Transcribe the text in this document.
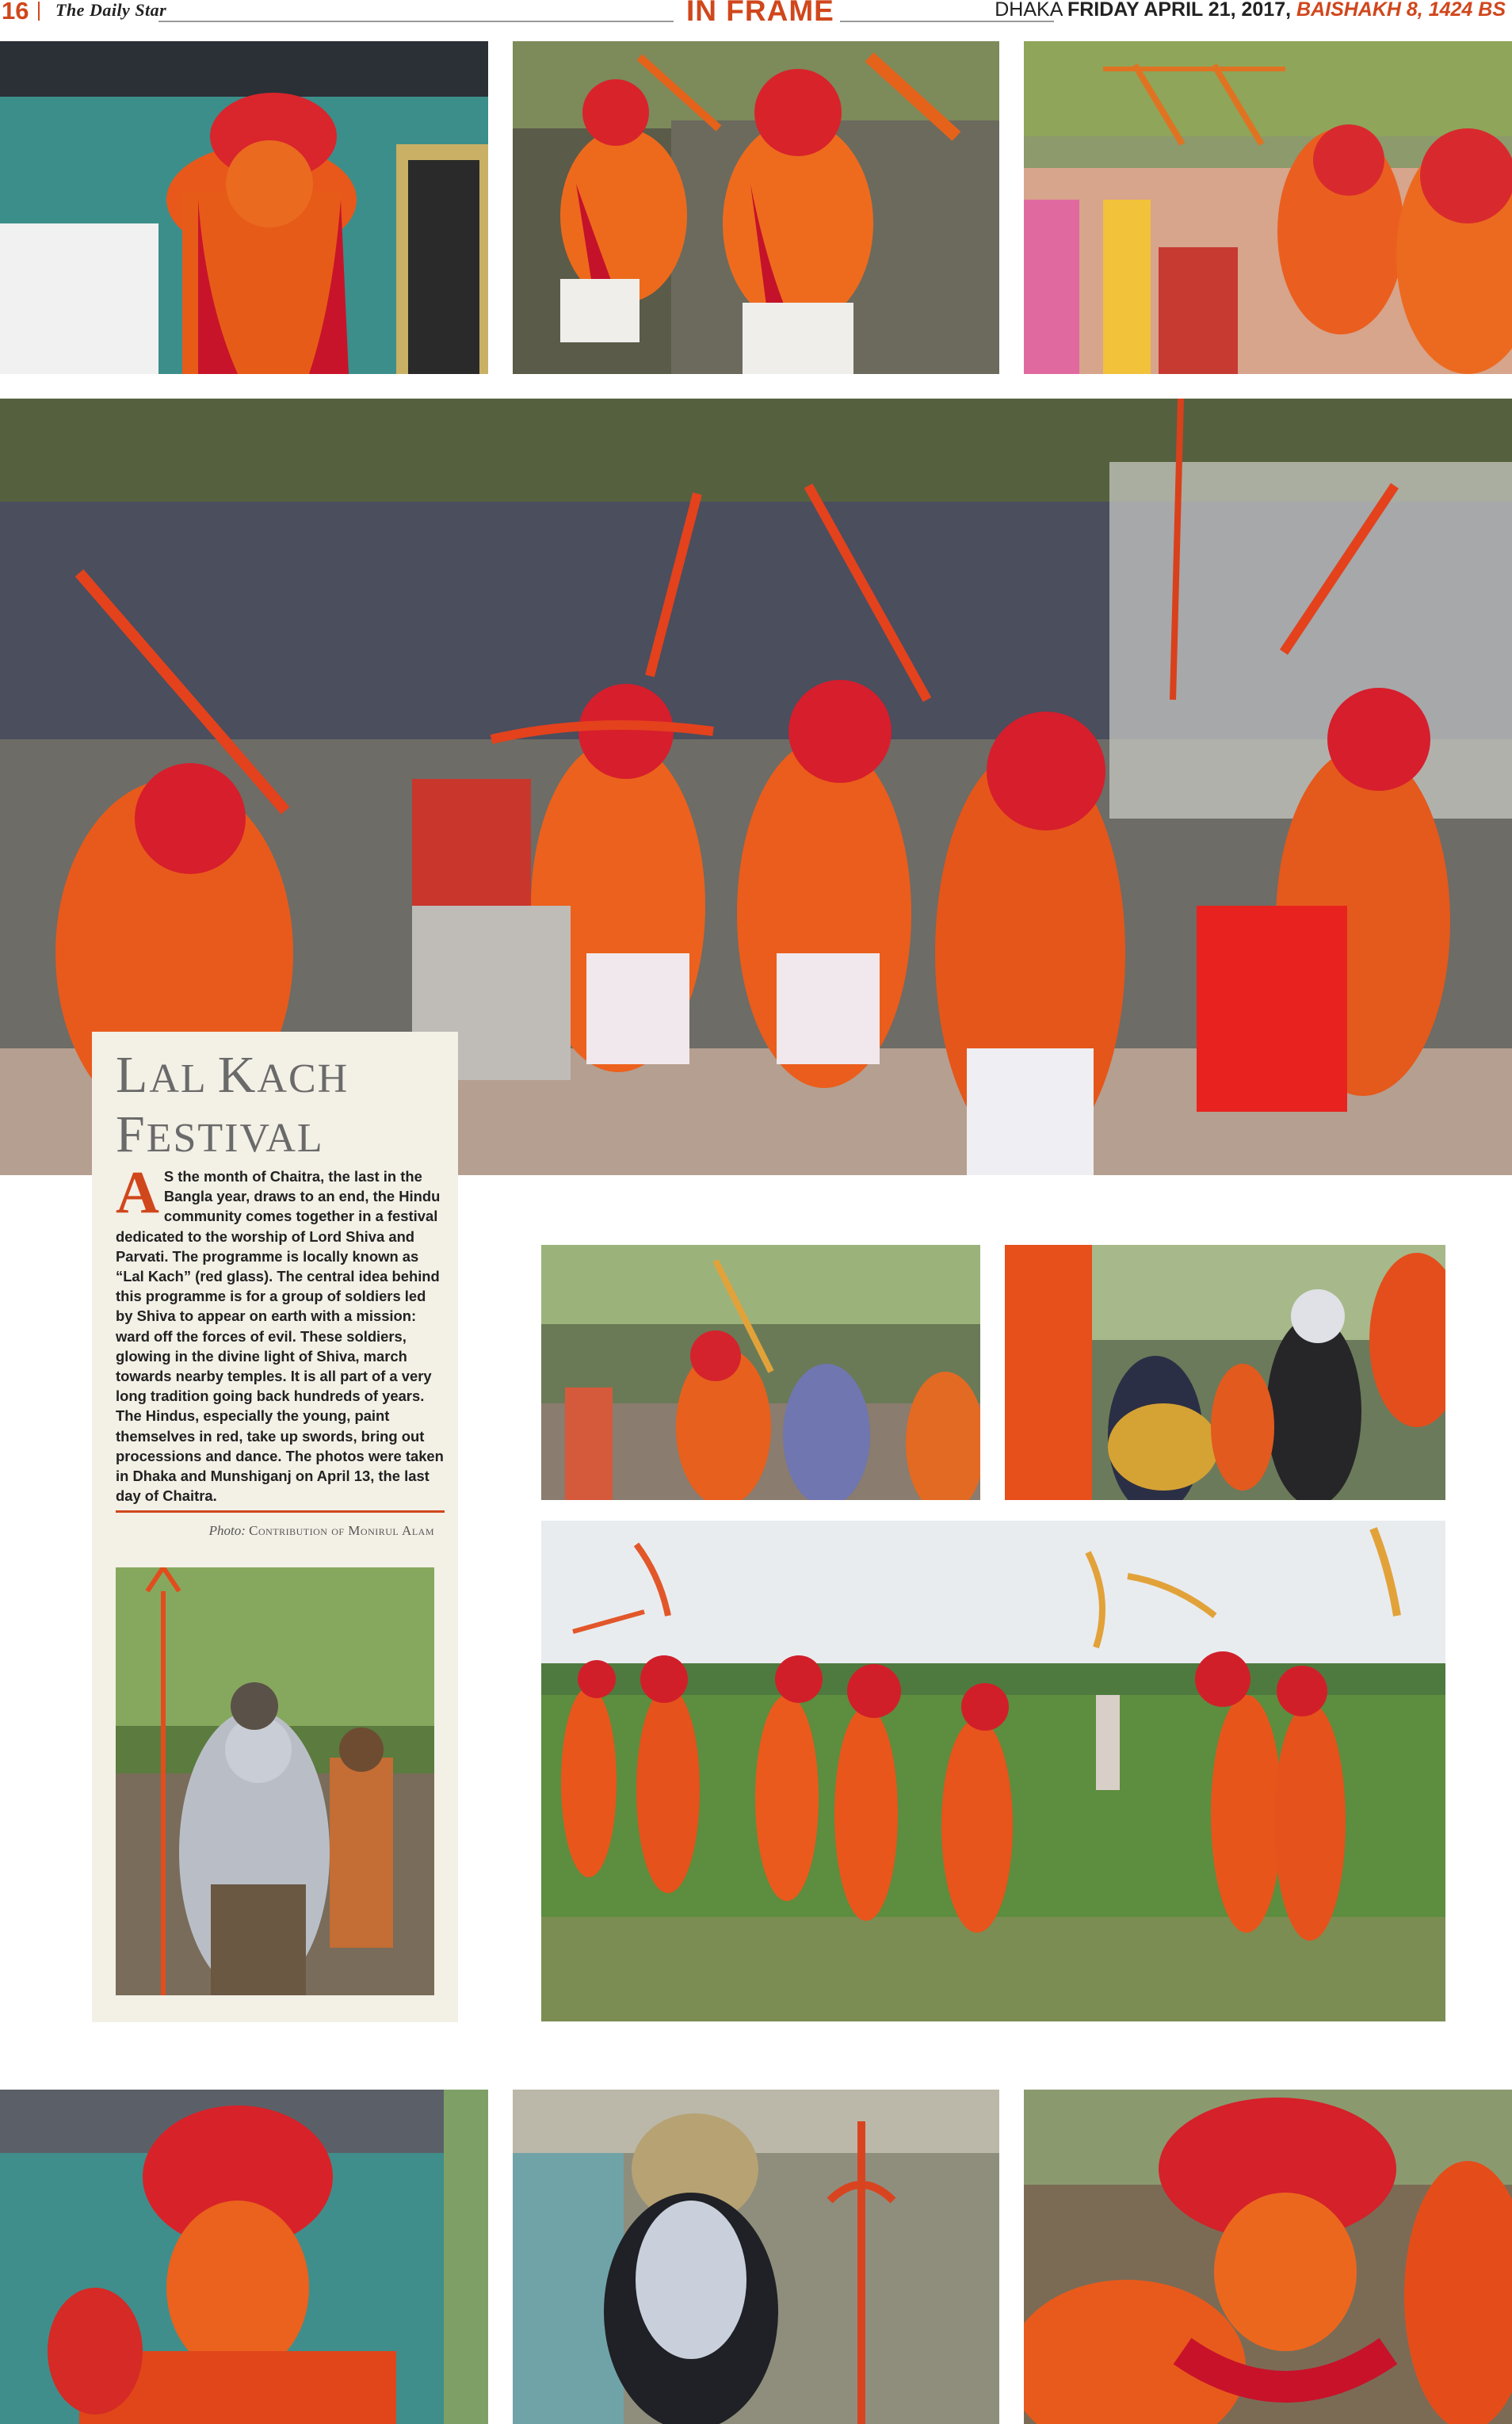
16 The Daily Star	IN FRAME	DHAKA FRIDAY APRIL 21, 2017, BAISHAKH 8, 1424 BS
LAL KACH
FESTIVAL
A S the month of Chaitra, the last in the Bangla year, draws to an end, the Hindu community comes together in a festival dedicated to the worship of Lord Shiva and Parvati. The programme is locally known as “Lal Kach” (red glass). The central idea behind this programme is for a group of soldiers led by Shiva to appear on earth with a mission: ward off the forces of evil. These soldiers, glowing in the divine light of Shiva, march towards nearby temples. It is all part of a very long tradition going back hundreds of years. The Hindus, especially the young, paint themselves in red, take up swords, bring out processions and dance. The photos were taken in Dhaka and Munshiganj on April 13, the last day of Chaitra.
Photo: Contribution of Monirul Alam
